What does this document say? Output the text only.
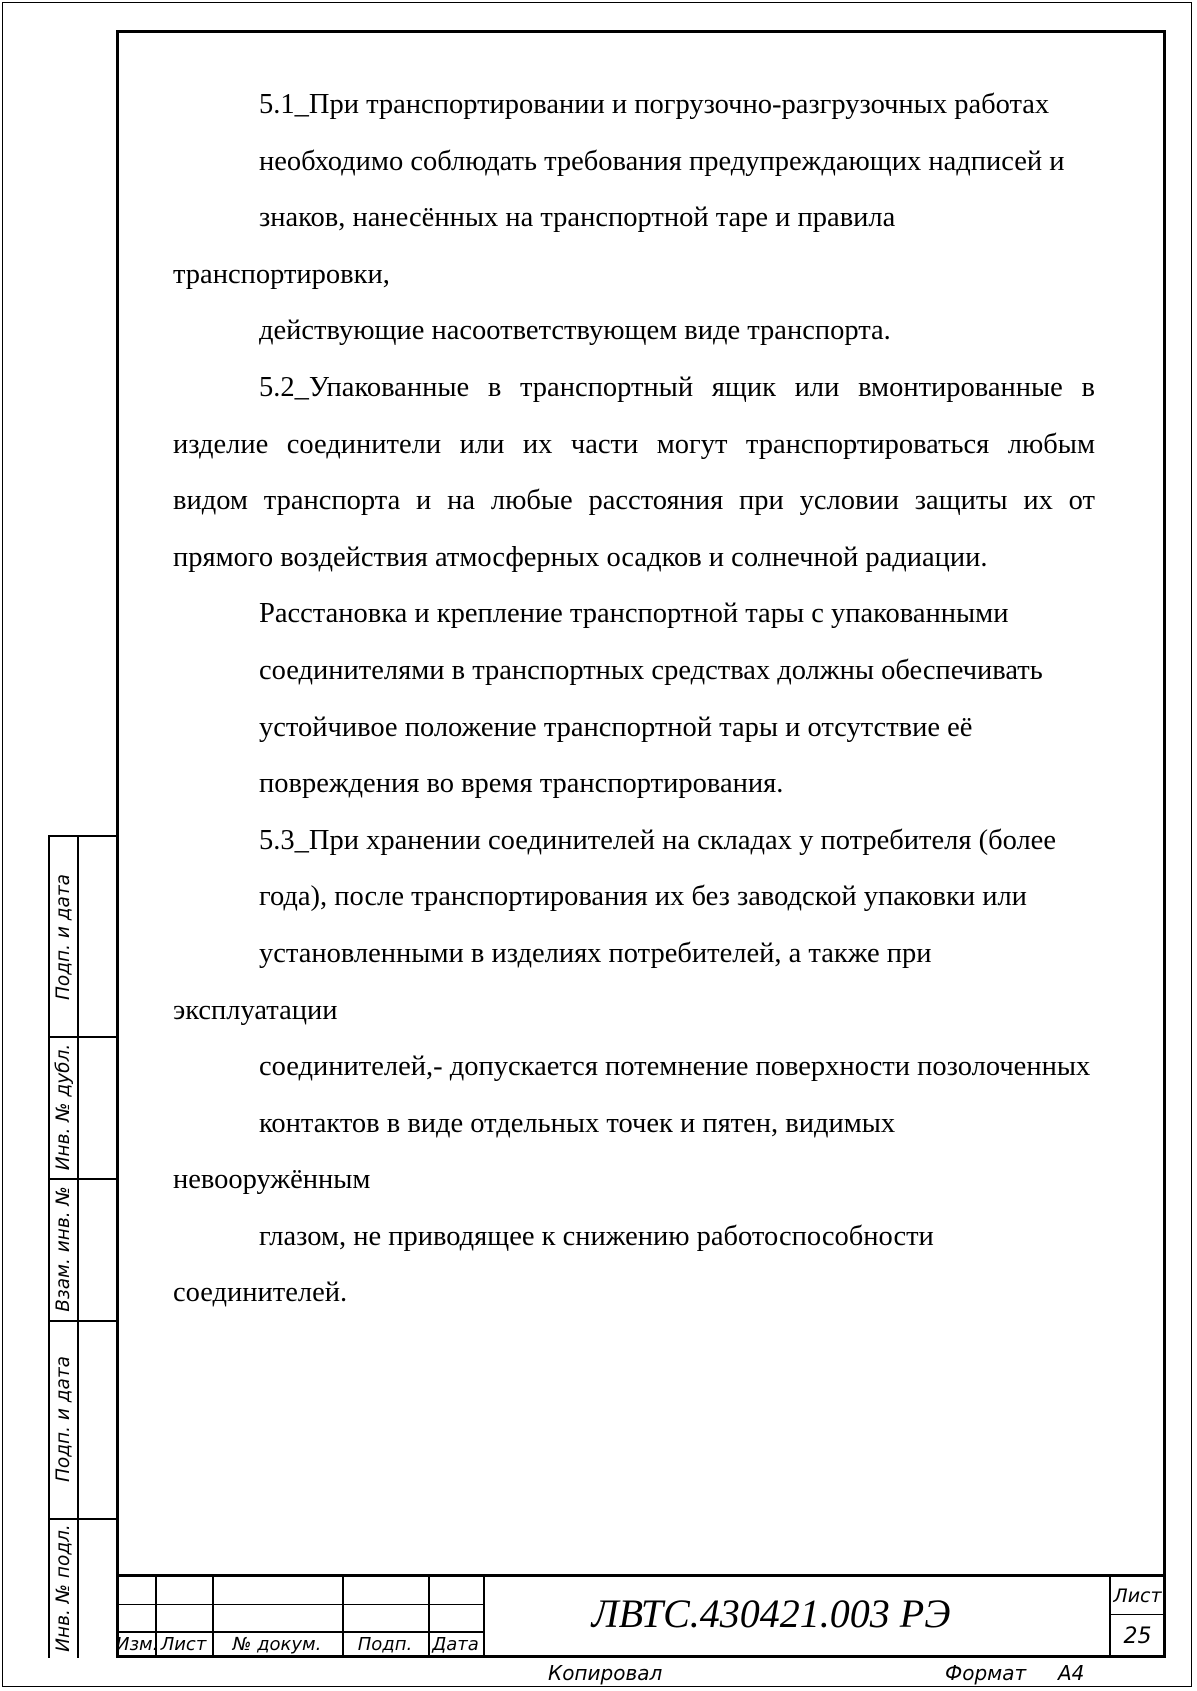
5.1_При транспортировании и погрузочно-разгрузочных работах
необходимо соблюдать требования предупреждающих надписей и
знаков, нанесённых на транспортной таре и правила транспортировки,
действующие насоответствующем виде транспорта.

5.2_Упакованные в транспортный ящик или вмонтированные в изделие соединители или их части могут транспортироваться любым видом транспорта и на любые расстояния при условии защиты их от прямого воздействия атмосферных осадков и солнечной радиации.

Расстановка и крепление транспортной тары с упакованными
соединителями в транспортных средствах должны обеспечивать
устойчивое положение транспортной тары и отсутствие её
повреждения во время транспортирования.

5.3_При хранении соединителей на складах у потребителя (более
года), после транспортирования их без заводской упаковки или
установленными в изделиях потребителей, а также при эксплуатации
соединителей,- допускается потемнение поверхности позолоченных
контактов в виде отдельных точек и пятен, видимых невооружённым
глазом, не приводящее к снижению работоспособности соединителей.

Подп. и дата
Инв. № дубл.
Взам. инв. №
Подп. и дата
Инв. № подл. Изм. Лист	№ докум.	Подп.	Дата
ЛВТС.430421.003 РЭ	Лист
25
Копировал	Формат А4
